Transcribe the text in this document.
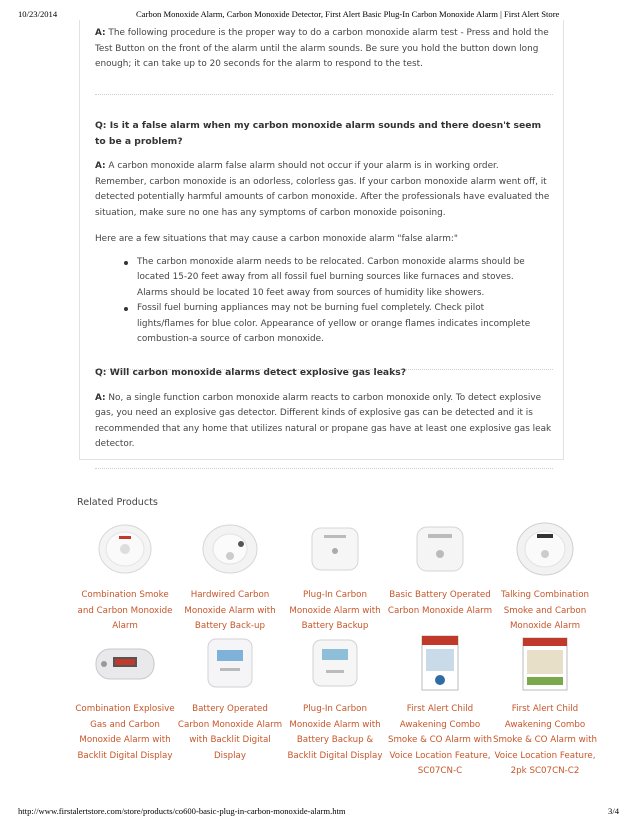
10/23/2014	Carbon Monoxide Alarm, Carbon Monoxide Detector, First Alert Basic Plug-In Carbon Monoxide Alarm | First Alert Store

A: The following procedure is the proper way to do a carbon monoxide alarm test - Press and hold the Test Button on the front of the alarm until the alarm sounds. Be sure you hold the button down long enough; it can take up to 20 seconds for the alarm to respond to the test.

Q: Is it a false alarm when my carbon monoxide alarm sounds and there doesn't seem to be a problem?

A: A carbon monoxide alarm false alarm should not occur if your alarm is in working order. Remember, carbon monoxide is an odorless, colorless gas. If your carbon monoxide alarm went off, it detected potentially harmful amounts of carbon monoxide. After the professionals have evaluated the situation, make sure no one has any symptoms of carbon monoxide poisoning.

Here are a few situations that may cause a carbon monoxide alarm "false alarm:"

The carbon monoxide alarm needs to be relocated. Carbon monoxide alarms should be located 15-20 feet away from all fossil fuel burning sources like furnaces and stoves. Alarms should be located 10 feet away from sources of humidity like showers.
Fossil fuel burning appliances may not be burning fuel completely. Check pilot lights/flames for blue color. Appearance of yellow or orange flames indicates incomplete combustion-a source of carbon monoxide.

Q: Will carbon monoxide alarms detect explosive gas leaks?

A: No, a single function carbon monoxide alarm reacts to carbon monoxide only. To detect explosive gas, you need an explosive gas detector. Different kinds of explosive gas can be detected and it is recommended that any home that utilizes natural or propane gas have at least one explosive gas leak detector.

Related Products
Combination Smoke and Carbon Monoxide Alarm
Hardwired Carbon Monoxide Alarm with Battery Back-up
Plug-In Carbon Monoxide Alarm with Battery Backup
Basic Battery Operated Carbon Monoxide Alarm
Talking Combination Smoke and Carbon Monoxide Alarm
Combination Explosive Gas and Carbon Monoxide Alarm with Backlit Digital Display
Battery Operated Carbon Monoxide Alarm with Backlit Digital Display
Plug-In Carbon Monoxide Alarm with Battery Backup & Backlit Digital Display
First Alert Child Awakening Combo Smoke & CO Alarm with Voice Location Feature, SC07CN-C
First Alert Child Awakening Combo Smoke & CO Alarm with Voice Location Feature, 2pk SC07CN-C2
http://www.firstalertstore.com/store/products/co600-basic-plug-in-carbon-monoxide-alarm.htm	3/4
